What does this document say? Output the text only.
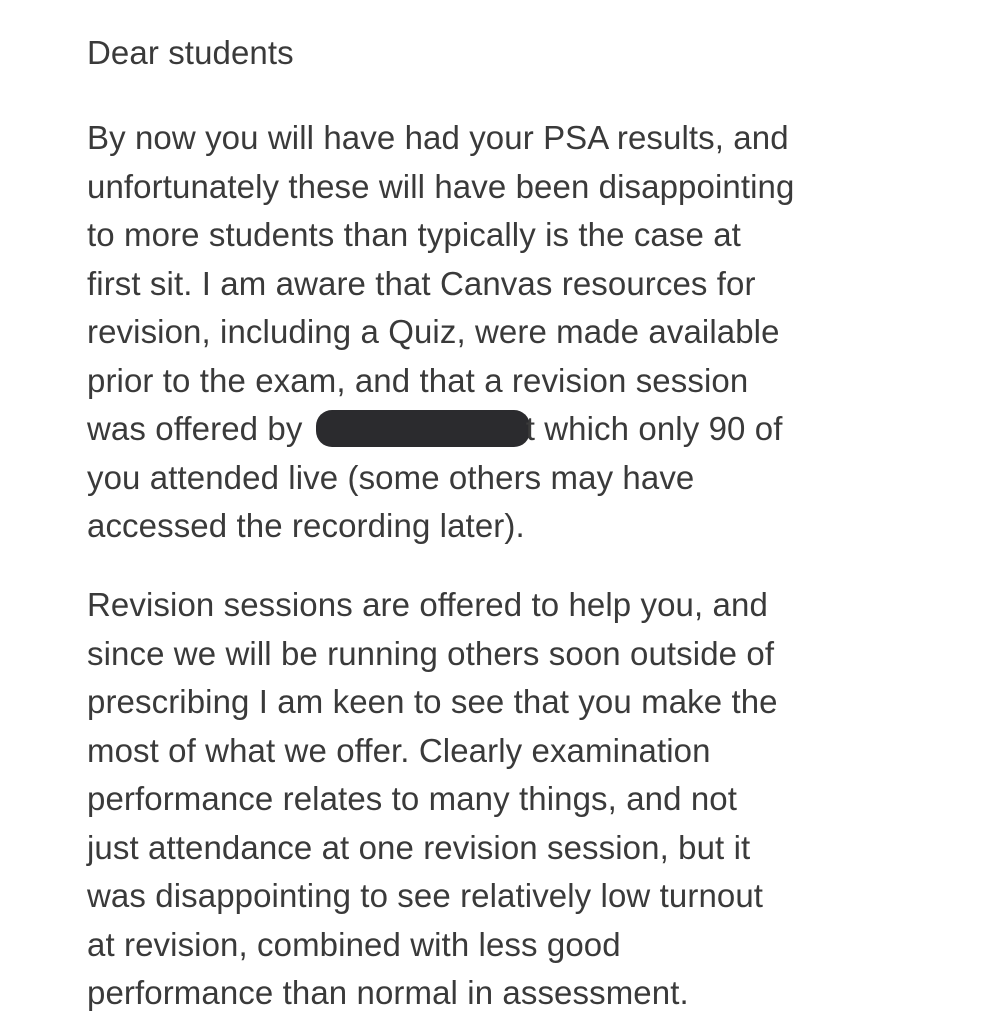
Dear students
By now you will have had your PSA results, and
unfortunately these will have been disappointing
to more students than typically is the case at
first sit. I am aware that Canvas resources for
revision, including a Quiz, were made available
prior to the exam, and that a revision session
was offered by	t which only 90 of
you attended live (some others may have
accessed the recording later).
Revision sessions are offered to help you, and
since we will be running others soon outside of
prescribing I am keen to see that you make the
most of what we offer. Clearly examination
performance relates to many things, and not
just attendance at one revision session, but it
was disappointing to see relatively low turnout
at revision, combined with less good
performance than normal in assessment.
